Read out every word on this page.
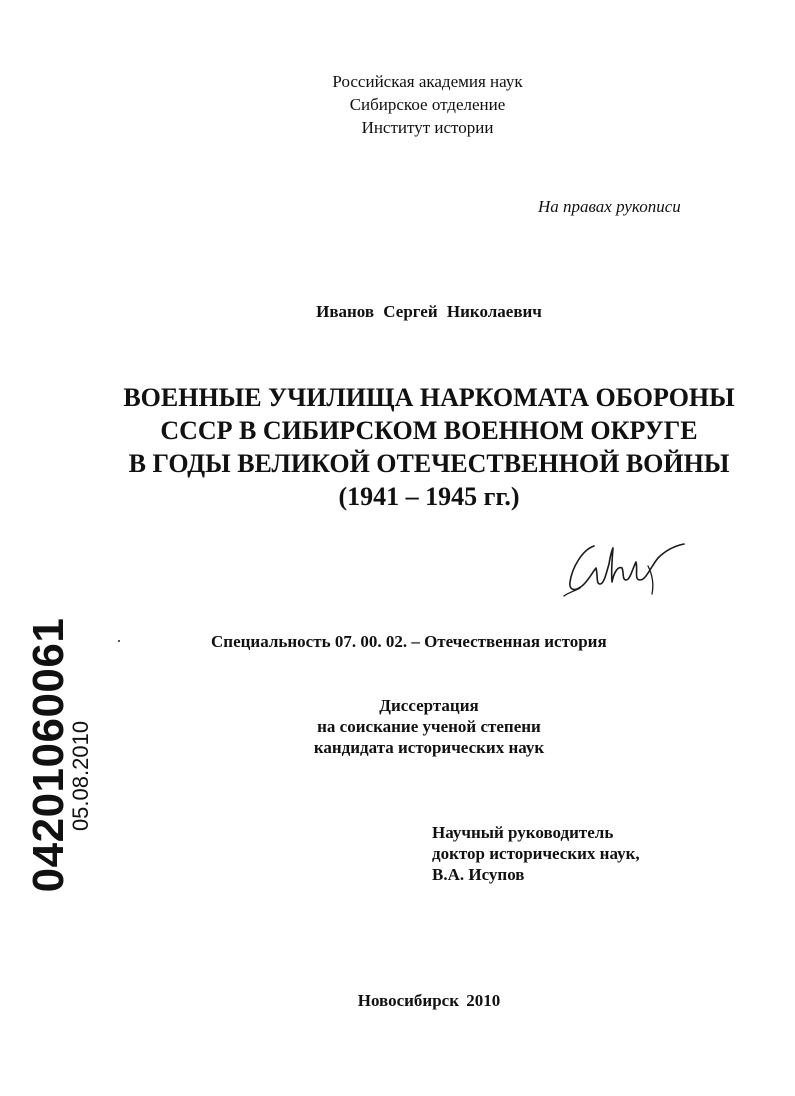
Российская академия наук
Сибирское отделение
Институт истории
На правах рукописи
Иванов Сергей Николаевич
ВОЕННЫЕ УЧИЛИЩА НАРКОМАТА ОБОРОНЫ
СССР В СИБИРСКОМ ВОЕННОМ ОКРУГЕ
В ГОДЫ ВЕЛИКОЙ ОТЕЧЕСТВЕННОЙ ВОЙНЫ
(1941 – 1945 гг.)
Специальность 07. 00. 02. – Отечественная история
Диссертация
на соискание ученой степени
кандидата исторических наук
Научный руководитель
доктор исторических наук,
В.А. Исупов
Новосибирск 2010
04201060061
05.08.2010
